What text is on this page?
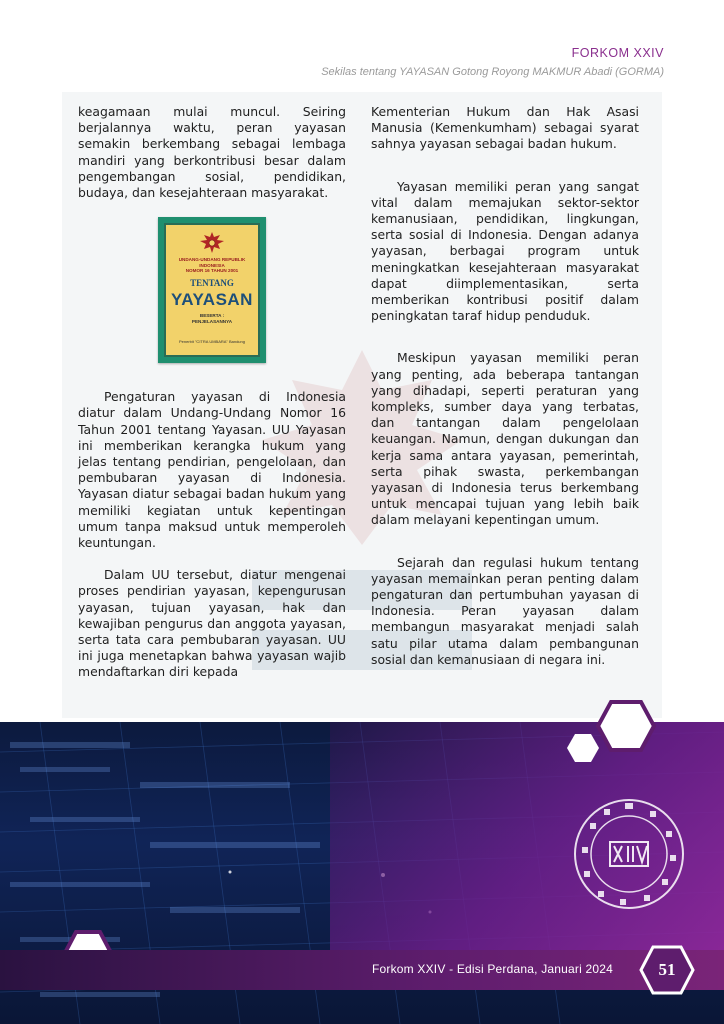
FORKOM XXIV
Sekilas tentang YAYASAN Gotong Royong MAKMUR Abadi (GORMA)

keagamaan mulai muncul. Seiring berjalannya waktu, peran yayasan semakin berkembang sebagai lembaga mandiri yang berkontribusi besar dalam pengembangan sosial, pendidikan, budaya, dan kesejahteraan masyarakat.

UNDANG-UNDANG REPUBLIK INDONESIA
NOMOR 16 TAHUN 2001
TENTANG
YAYASAN
BESERTA :
PENJELASANNYA
Penerbit "CITRA UMBARA" Bandung

Pengaturan yayasan di Indonesia diatur dalam Undang-Undang Nomor 16 Tahun 2001 tentang Yayasan. UU Yayasan ini memberikan kerangka hukum yang jelas tentang pendirian, pengelolaan, dan pembubaran yayasan di Indonesia. Yayasan diatur sebagai badan hukum yang memiliki kegiatan untuk kepentingan umum tanpa maksud untuk memperoleh keuntungan.

Dalam UU tersebut, diatur mengenai proses pendirian yayasan, kepengurusan yayasan, tujuan yayasan, hak dan kewajiban pengurus dan anggota yayasan, serta tata cara pembubaran yayasan. UU ini juga menetapkan bahwa yayasan wajib mendaftarkan diri kepada

Kementerian Hukum dan Hak Asasi Manusia (Kemenkumham) sebagai syarat sahnya yayasan sebagai badan hukum.

Yayasan memiliki peran yang sangat vital dalam memajukan sektor-sektor kemanusiaan, pendidikan, lingkungan, serta sosial di Indonesia. Dengan adanya yayasan, berbagai program untuk meningkatkan kesejahteraan masyarakat dapat diimplementasikan, serta memberikan kontribusi positif dalam peningkatan taraf hidup penduduk.

Meskipun yayasan memiliki peran yang penting, ada beberapa tantangan yang dihadapi, seperti peraturan yang kompleks, sumber daya yang terbatas, dan tantangan dalam pengelolaan keuangan. Namun, dengan dukungan dan kerja sama antara yayasan, pemerintah, serta pihak swasta, perkembangan yayasan di Indonesia terus berkembang untuk mencapai tujuan yang lebih baik dalam melayani kepentingan umum.

Sejarah dan regulasi hukum tentang yayasan memainkan peran penting dalam pengaturan dan pertumbuhan yayasan di Indonesia. Peran yayasan dalam membangun masyarakat menjadi salah satu pilar utama dalam pembangunan sosial dan kemanusiaan di negara ini.

Forkom XXIV - Edisi Perdana, Januari 2024	51
